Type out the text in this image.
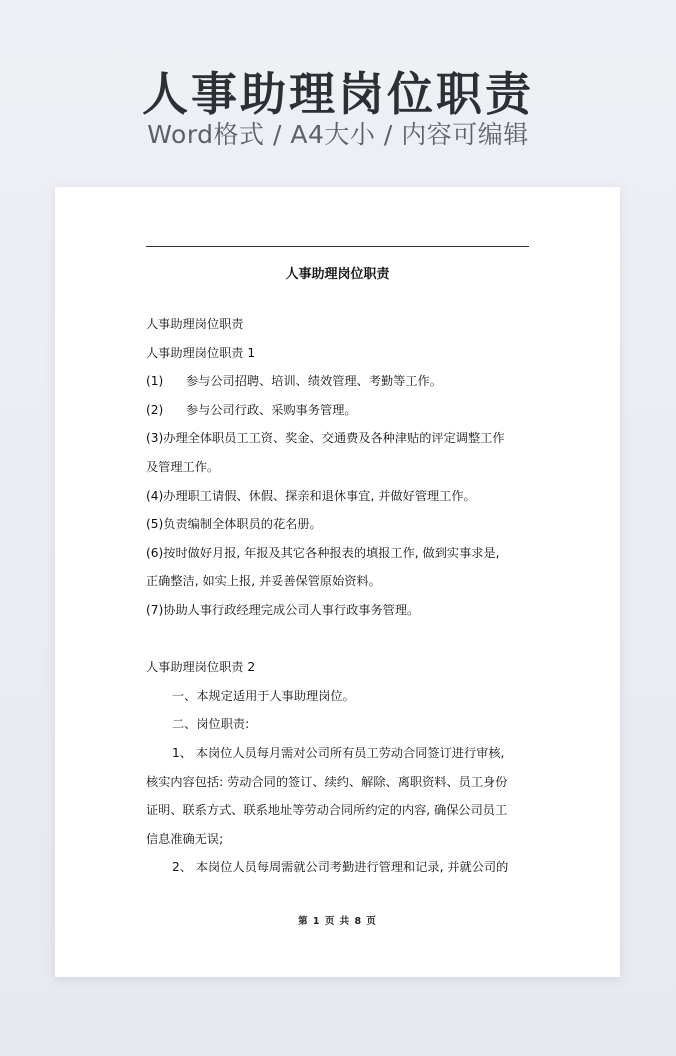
人事助理岗位职责
Word格式 / A4大小 / 内容可编辑
人事助理岗位职责
人事助理岗位职责
人事助理岗位职责 1
(1) 参与公司招聘、培训、绩效管理、考勤等工作。
(2) 参与公司行政、采购事务管理。
(3)办理全体职员工工资、奖金、交通费及各种津贴的评定调整工作
及管理工作。
(4)办理职工请假、休假、探亲和退休事宜, 并做好管理工作。
(5)负责编制全体职员的花名册。
(6)按时做好月报, 年报及其它各种报表的填报工作, 做到实事求是,
正确整洁, 如实上报, 并妥善保管原始资料。
(7)协助人事行政经理完成公司人事行政事务管理。
人事助理岗位职责 2
一、本规定适用于人事助理岗位。
二、岗位职责:
1、 本岗位人员每月需对公司所有员工劳动合同签订进行审核,
核实内容包括: 劳动合同的签订、续约、解除、离职资料、员工身份
证明、联系方式、联系地址等劳动合同所约定的内容, 确保公司员工
信息准确无误;
2、 本岗位人员每周需就公司考勤进行管理和记录, 并就公司的
第 1 页 共 8 页
